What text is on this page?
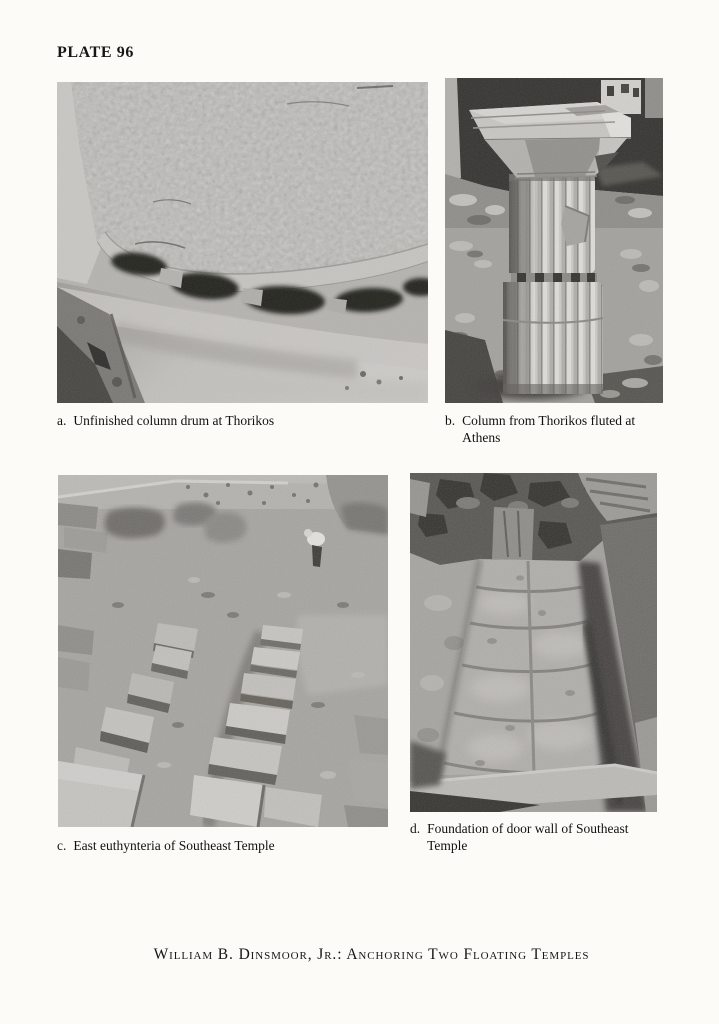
PLATE 96
a. Unfinished column drum at Thorikos	b. Column from Thorikos fluted at Athens
c. East euthynteria of Southeast Temple
d. Foundation of door wall of Southeast Temple
William B. Dinsmoor, Jr.: Anchoring Two Floating Temples
